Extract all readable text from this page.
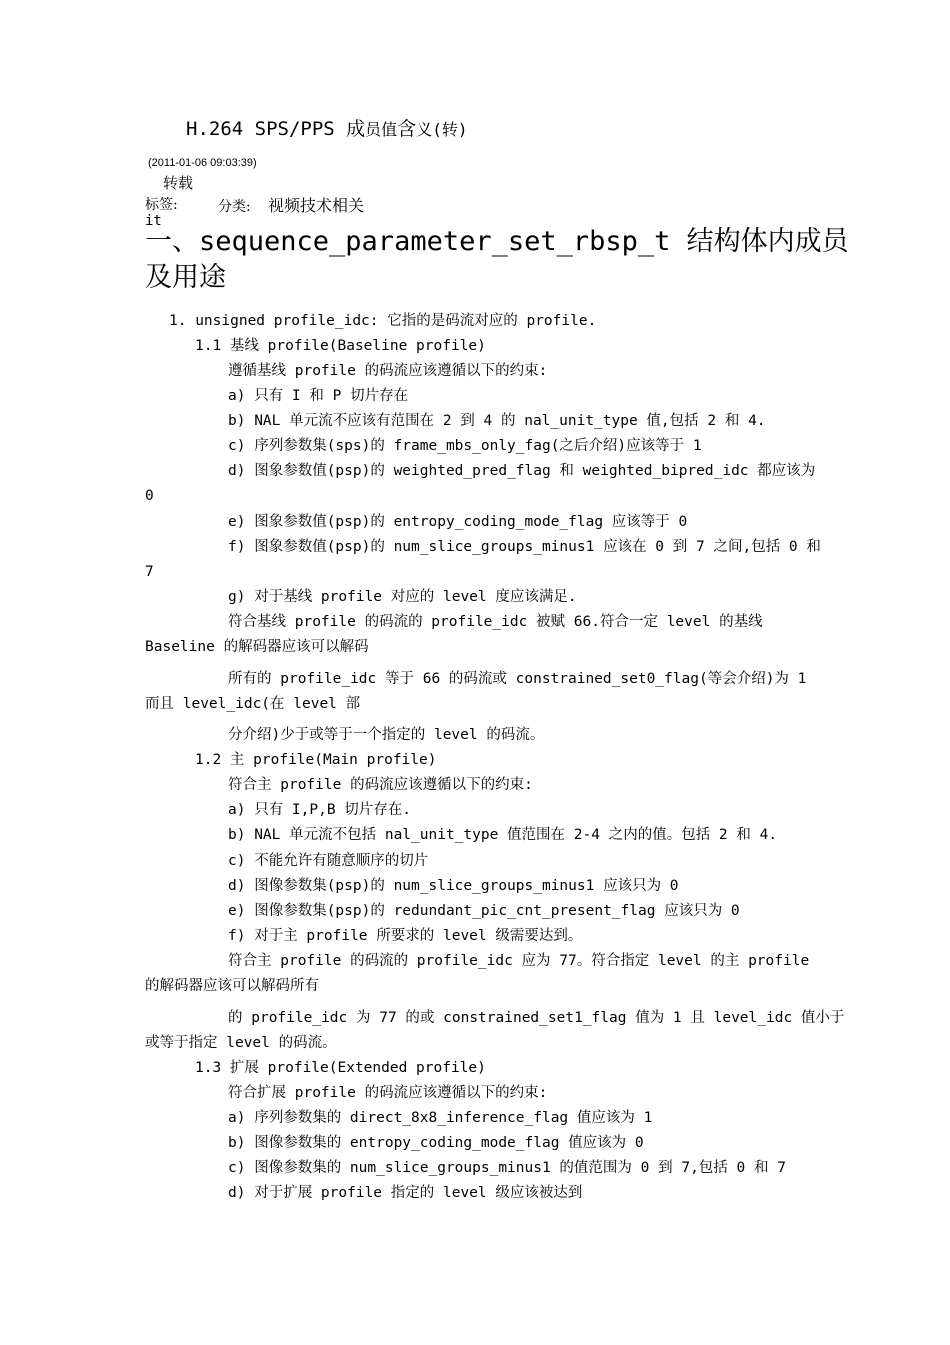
H.264 SPS/PPS 成员值含义(转)
(2011-01-06 09:03:39)
转载
标签:	分类: 视频技术相关
it
一、sequence_parameter_set_rbsp_t 结构体内成员
及用途
1. unsigned profile_idc: 它指的是码流对应的 profile.
1.1 基线 profile(Baseline profile)
遵循基线 profile 的码流应该遵循以下的约束:
a) 只有 I 和 P 切片存在
b) NAL 单元流不应该有范围在 2 到 4 的 nal_unit_type 值,包括 2 和 4.
c) 序列参数集(sps)的 frame_mbs_only_fag(之后介绍)应该等于 1
d) 图象参数值(psp)的 weighted_pred_flag 和 weighted_bipred_idc 都应该为
0
e) 图象参数值(psp)的 entropy_coding_mode_flag 应该等于 0
f) 图象参数值(psp)的 num_slice_groups_minus1 应该在 0 到 7 之间,包括 0 和
7
g) 对于基线 profile 对应的 level 度应该满足.
符合基线 profile 的码流的 profile_idc 被赋 66.符合一定 level 的基线
Baseline 的解码器应该可以解码
所有的 profile_idc 等于 66 的码流或 constrained_set0_flag(等会介绍)为 1
而且 level_idc(在 level 部
分介绍)少于或等于一个指定的 level 的码流。
1.2 主 profile(Main profile)
符合主 profile 的码流应该遵循以下的约束:
a) 只有 I,P,B 切片存在.
b) NAL 单元流不包括 nal_unit_type 值范围在 2-4 之内的值。包括 2 和 4.
c) 不能允许有随意顺序的切片
d) 图像参数集(psp)的 num_slice_groups_minus1 应该只为 0
e) 图像参数集(psp)的 redundant_pic_cnt_present_flag 应该只为 0
f) 对于主 profile 所要求的 level 级需要达到。
符合主 profile 的码流的 profile_idc 应为 77。符合指定 level 的主 profile
的解码器应该可以解码所有
的 profile_idc 为 77 的或 constrained_set1_flag 值为 1 且 level_idc 值小于
或等于指定 level 的码流。
1.3 扩展 profile(Extended profile)
符合扩展 profile 的码流应该遵循以下的约束:
a) 序列参数集的 direct_8x8_inference_flag 值应该为 1
b) 图像参数集的 entropy_coding_mode_flag 值应该为 0
c) 图像参数集的 num_slice_groups_minus1 的值范围为 0 到 7,包括 0 和 7
d) 对于扩展 profile 指定的 level 级应该被达到
